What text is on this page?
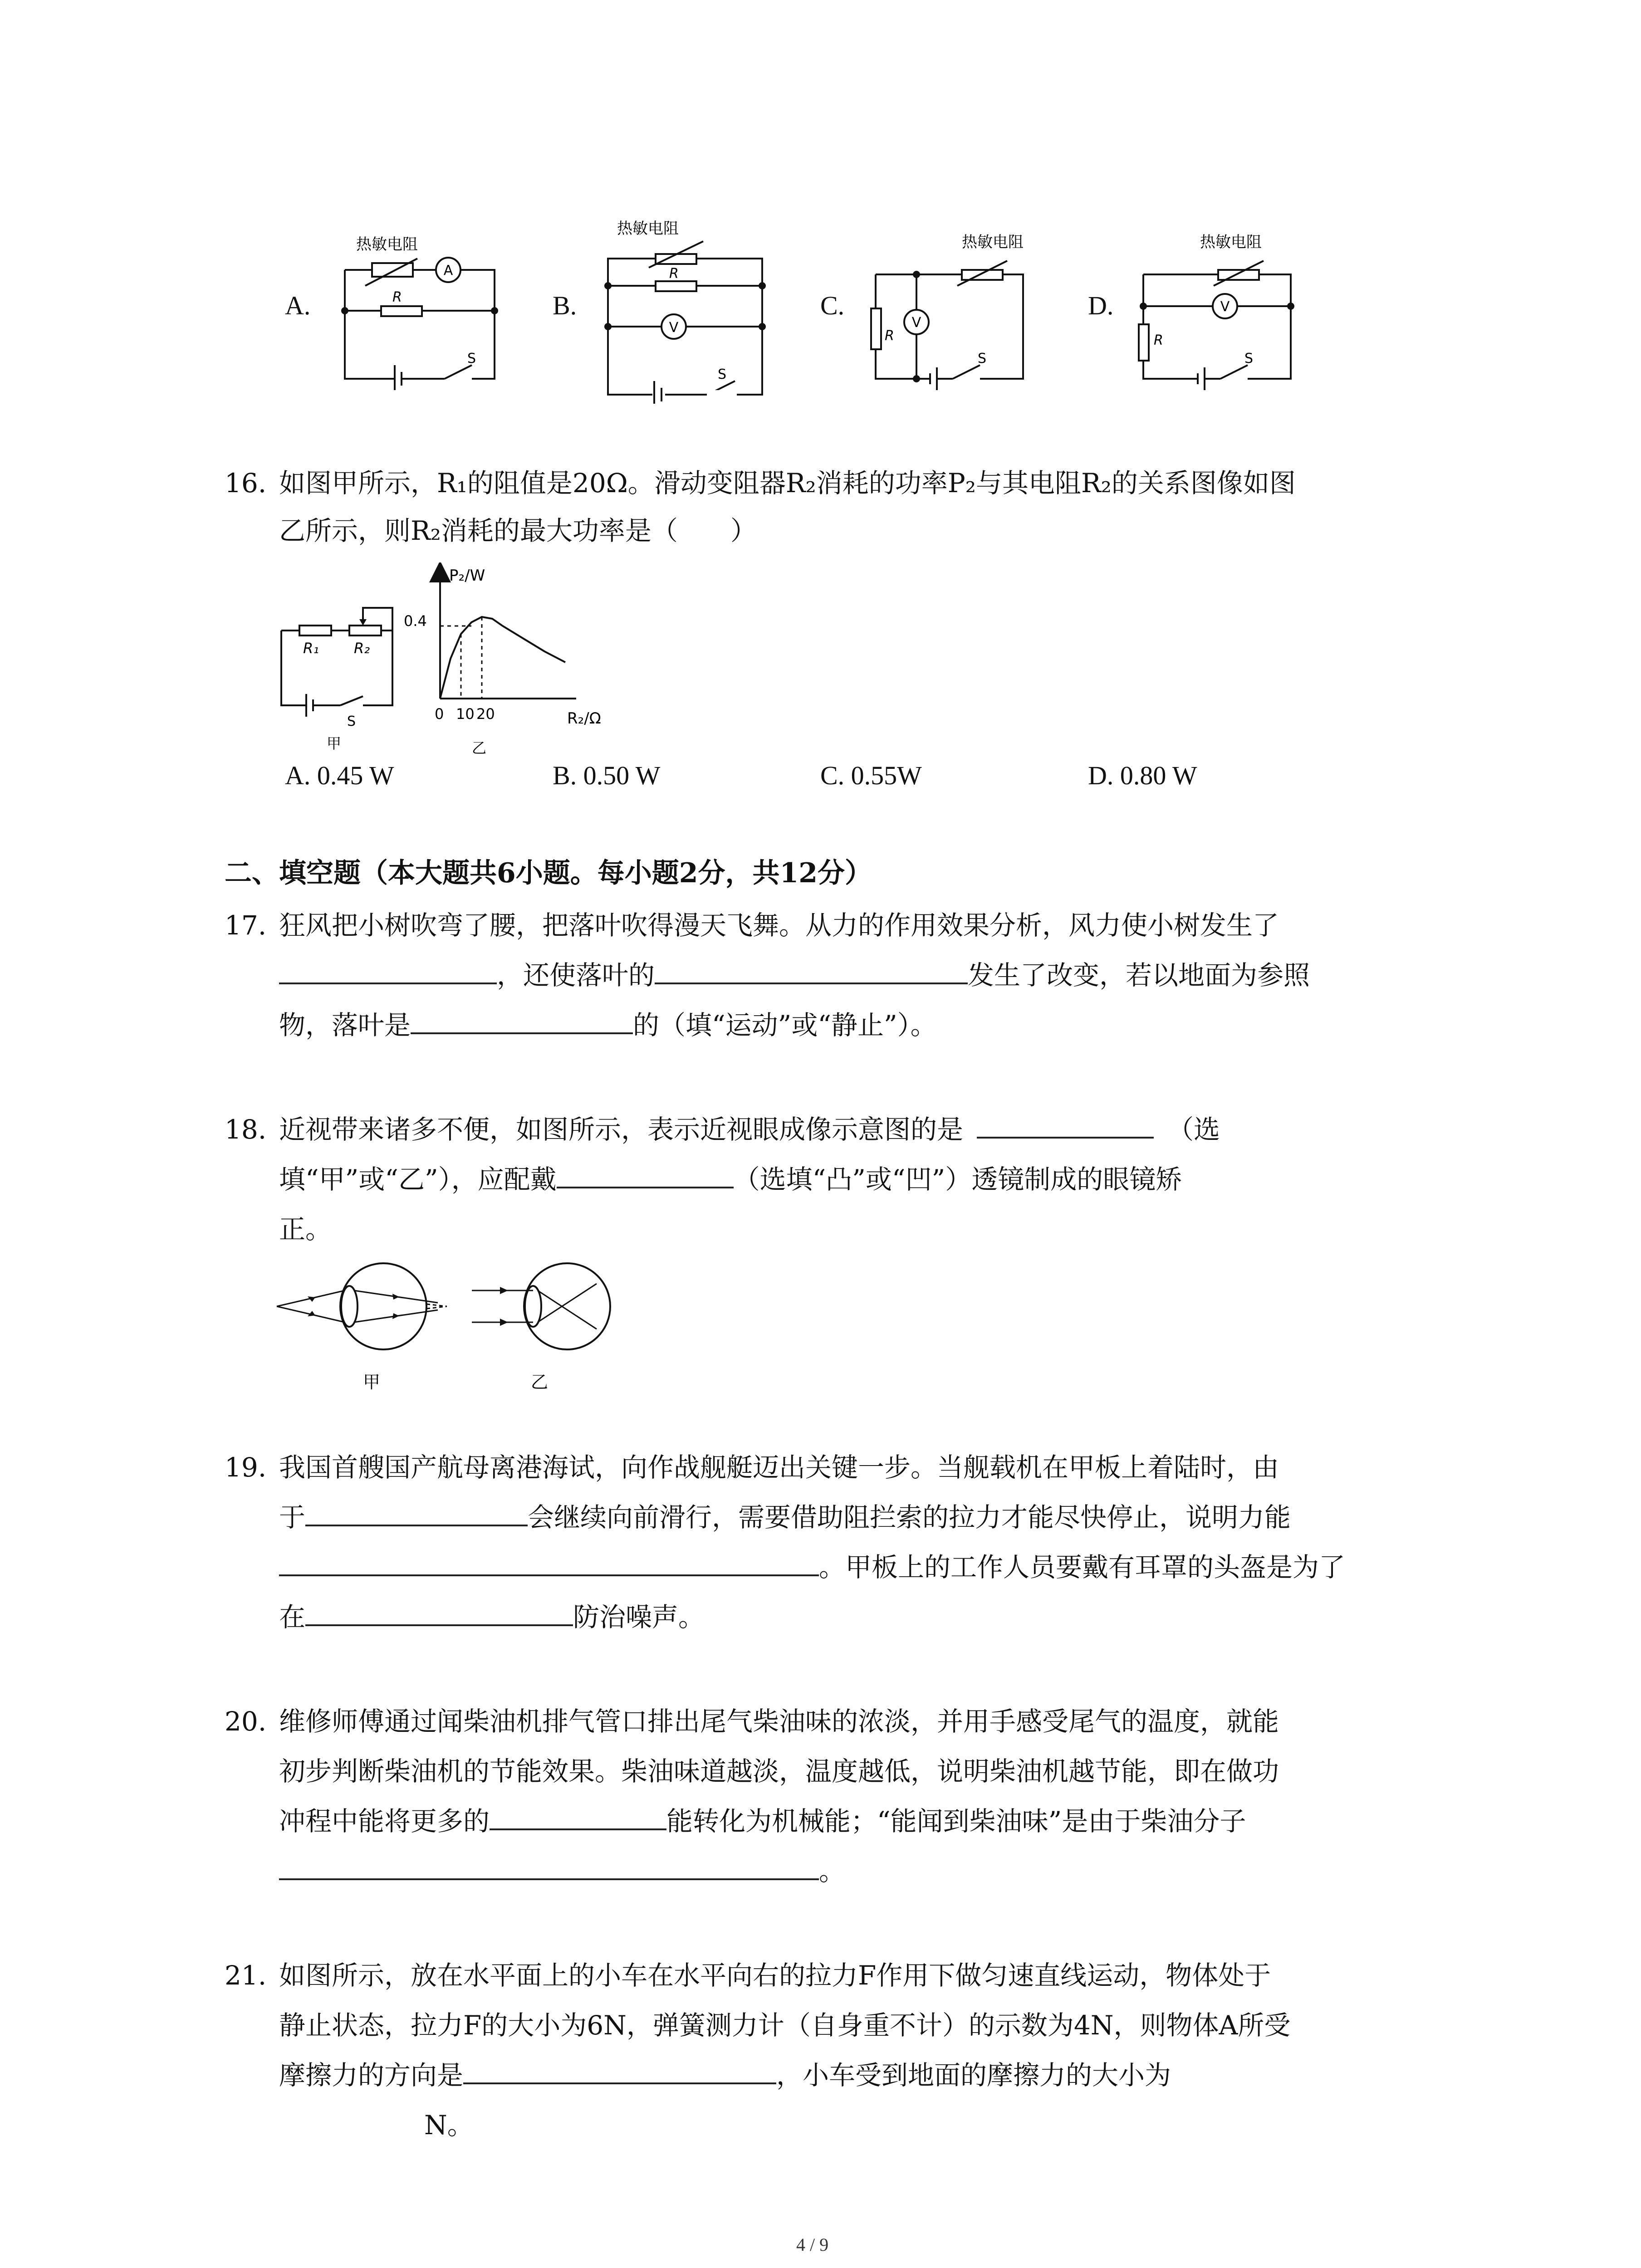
A.	B.	C.	D.
A
热敏电阻
R
S
热敏电阻
R
V
S
热敏电阻
V
R
S
热敏电阻
V
R
S
16. 如图甲所示，R₁的阻值是20Ω。滑动变阻器R₂消耗的功率P₂与其电阻R₂的关系图像如图
乙所示，则R₂消耗的最大功率是（　　）
R₁ R₂
S
甲
P₂/W
0.4
0 10 20	R₂/Ω
乙
A. 0.45 W	B. 0.50 W	C. 0.55W	D. 0.80 W
二、填空题（本大题共6小题。每小题2分，共12分）
17. 狂风把小树吹弯了腰，把落叶吹得漫天飞舞。从力的作用效果分析，风力使小树发生了
，还使落叶的	发生了改变，若以地面为参照
物，落叶是	的（填“运动”或“静止”）。
18. 近视带来诸多不便，如图所示，表示近视眼成像示意图的是	（选
填“甲”或“乙”），应配戴	（选填“凸”或“凹”）透镜制成的眼镜矫
正。
甲	乙
19. 我国首艘国产航母离港海试，向作战舰艇迈出关键一步。当舰载机在甲板上着陆时，由
于	会继续向前滑行，需要借助阻拦索的拉力才能尽快停止，说明力能
。甲板上的工作人员要戴有耳罩的头盔是为了
在	防治噪声。
20. 维修师傅通过闻柴油机排气管口排出尾气柴油味的浓淡，并用手感受尾气的温度，就能
初步判断柴油机的节能效果。柴油味道越淡，温度越低，说明柴油机越节能，即在做功
冲程中能将更多的	能转化为机械能；“能闻到柴油味”是由于柴油分子
。
21. 如图所示，放在水平面上的小车在水平向右的拉力F作用下做匀速直线运动，物体处于
静止状态，拉力F的大小为6N，弹簧测力计（自身重不计）的示数为4N，则物体A所受
摩擦力的方向是	，小车受到地面的摩擦力的大小为
N。
4 / 9
